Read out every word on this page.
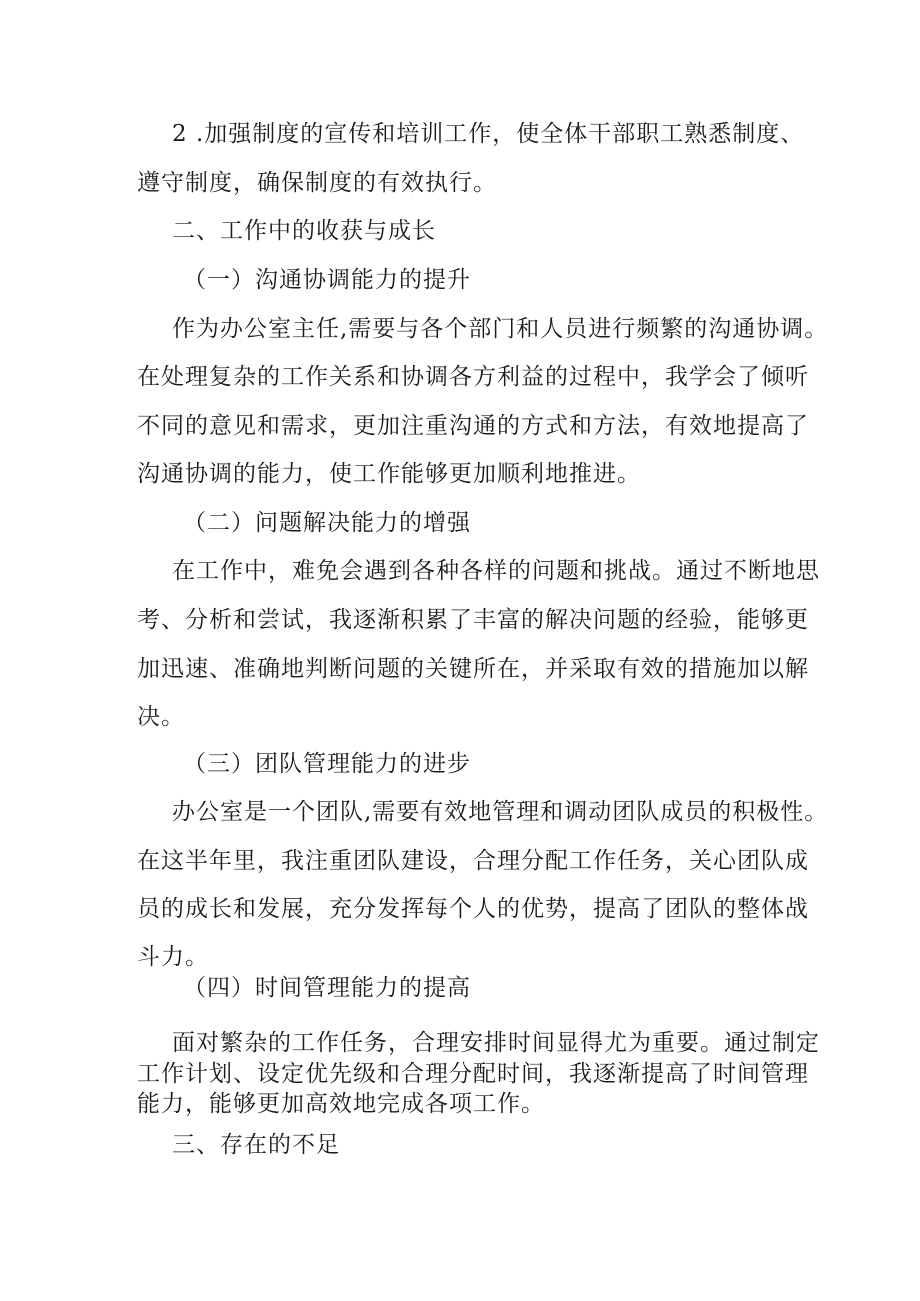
2 .加强制度的宣传和培训工作，使全体干部职工熟悉制度、

遵守制度，确保制度的有效执行。

二、工作中的收获与成长

（一）沟通协调能力的提升

作为办公室主任,需要与各个部门和人员进行频繁的沟通协调。

在处理复杂的工作关系和协调各方利益的过程中，我学会了倾听

不同的意见和需求，更加注重沟通的方式和方法，有效地提高了

沟通协调的能力，使工作能够更加顺利地推进。

（二）问题解决能力的增强

在工作中，难免会遇到各种各样的问题和挑战。通过不断地思

考、分析和尝试，我逐渐积累了丰富的解决问题的经验，能够更

加迅速、准确地判断问题的关键所在，并采取有效的措施加以解

决。

（三）团队管理能力的进步

办公室是一个团队,需要有效地管理和调动团队成员的积极性。

在这半年里，我注重团队建设，合理分配工作任务，关心团队成

员的成长和发展，充分发挥每个人的优势，提高了团队的整体战

斗力。

（四）时间管理能力的提高

面对繁杂的工作任务，合理安排时间显得尤为重要。通过制定

工作计划、设定优先级和合理分配时间，我逐渐提高了时间管理

能力，能够更加高效地完成各项工作。

三、存在的不足
